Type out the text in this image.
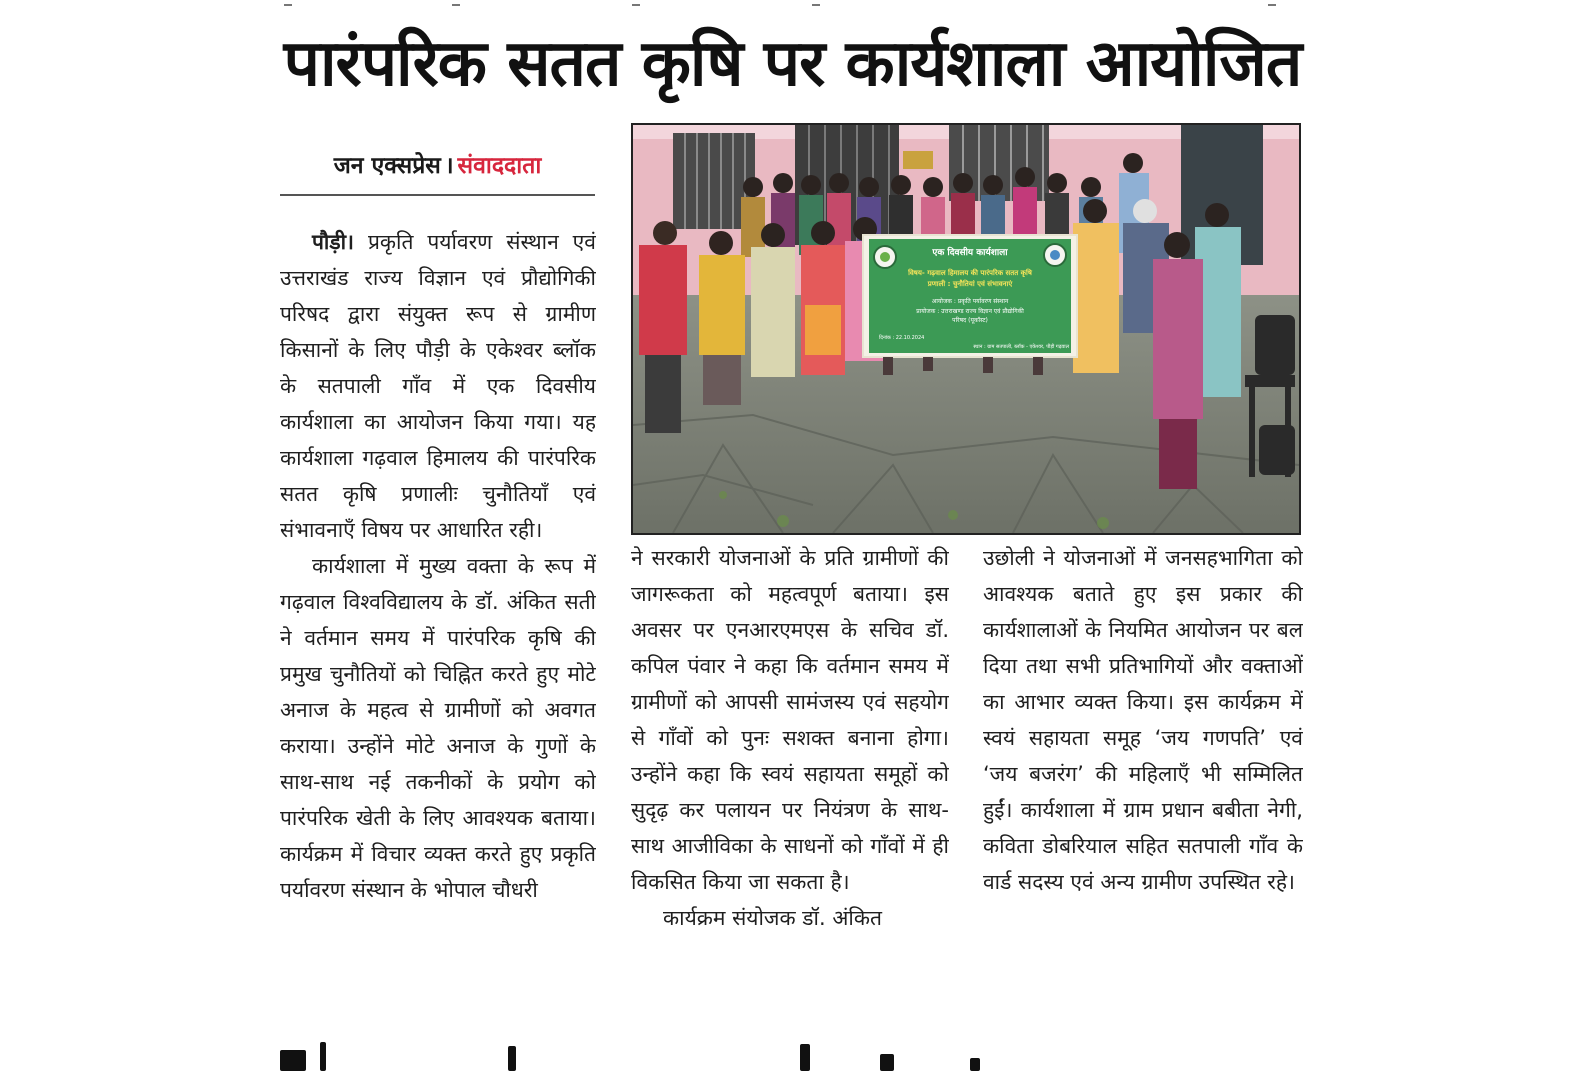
पारंपरिक सतत कृषि पर कार्यशाला आयोजित
जन एक्सप्रेस । संवाददाता

पौड़ी। प्रकृति पर्यावरण संस्थान एवं उत्तराखंड राज्य विज्ञान एवं प्रौद्योगिकी परिषद द्वारा संयुक्त रूप से ग्रामीण किसानों के लिए पौड़ी के एकेश्वर ब्लॉक के सतपाली गाँव में एक दिवसीय कार्यशाला का आयोजन किया गया। यह कार्यशाला गढ़वाल हिमालय की पारंपरिक सतत कृषि प्रणालीः चुनौतियाँ एवं संभावनाएँ विषय पर आधारित रही।

कार्यशाला में मुख्य वक्ता के रूप में गढ़वाल विश्वविद्यालय के डॉ. अंकित सती ने वर्तमान समय में पारंपरिक कृषि की प्रमुख चुनौतियों को चिह्नित करते हुए मोटे अनाज के महत्व से ग्रामीणों को अवगत कराया। उन्होंने मोटे अनाज के गुणों के साथ-साथ नई तकनीकों के प्रयोग को पारंपरिक खेती के लिए आवश्यक बताया। कार्यक्रम में विचार व्यक्त करते हुए प्रकृति पर्यावरण संस्थान के भोपाल चौधरी

ने सरकारी योजनाओं के प्रति ग्रामीणों की जागरूकता को महत्वपूर्ण बताया। इस अवसर पर एनआरएमएस के सचिव डॉ. कपिल पंवार ने कहा कि वर्तमान समय में ग्रामीणों को आपसी सामंजस्य एवं सहयोग से गाँवों को पुनः सशक्त बनाना होगा। उन्होंने कहा कि स्वयं सहायता समूहों को सुदृढ़ कर पलायन पर नियंत्रण के साथ-साथ आजीविका के साधनों को गाँवों में ही विकसित किया जा सकता है।

कार्यक्रम संयोजक डॉ. अंकित

उछोली ने योजनाओं में जनसहभागिता को आवश्यक बताते हुए इस प्रकार की कार्यशालाओं के नियमित आयोजन पर बल दिया तथा सभी प्रतिभागियों और वक्ताओं का आभार व्यक्त किया। इस कार्यक्रम में स्वयं सहायता समूह ‘जय गणपति’ एवं ‘जय बजरंग’ की महिलाएँ भी सम्मिलित हुईं। कार्यशाला में ग्राम प्रधान बबीता नेगी, कविता डोबरियाल सहित सतपाली गाँव के वार्ड सदस्य एवं अन्य ग्रामीण उपस्थित रहे।

एक दिवसीय कार्यशाला
विषय- गढ़वाल हिमालय की पारंपरिक सतत कृषि
प्रणाली : चुनौतियां एवं संभावनाएं
आयोजक : प्रकृति पर्यावरण संस्थान
प्रायोजक : उत्तराखण्ड राज्य विज्ञान एवं प्रौद्योगिकी
परिषद (यूकॉस्ट)
दिनांक : 22.10.2024
स्थान : ग्राम सतपाली, ब्लॉक - एकेश्वर, पौड़ी गढ़वाल
